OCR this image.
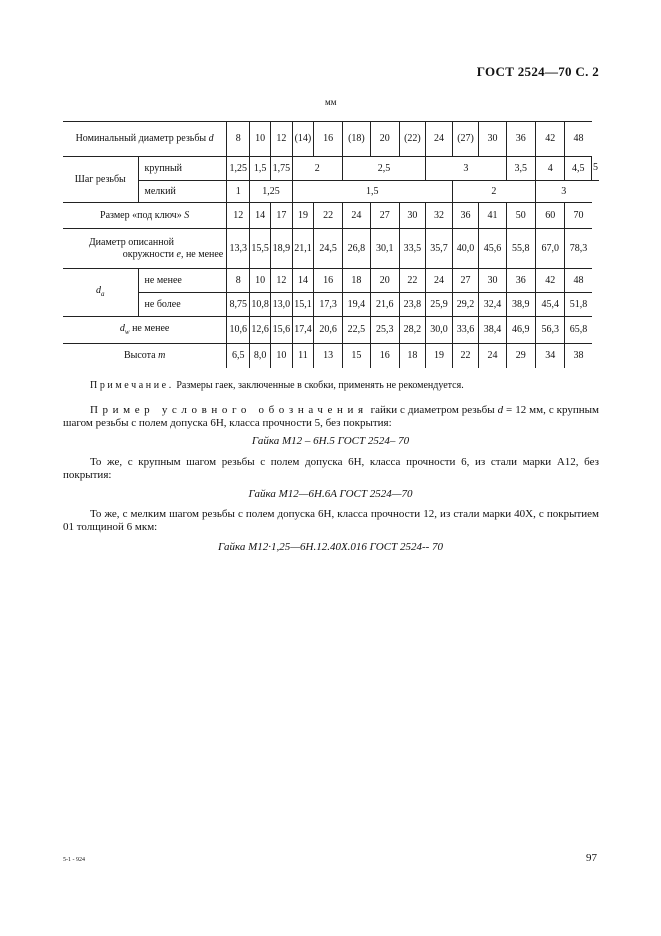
ГОСТ 2524—70 С. 2
мм
Номинальный диаметр резьбы d		8	10	12	(14)	16	(18)	20	(22)	24	(27)	30	36	42	48	
Шаг резьбы	крупный	1,25	1,5	1,75	2		2,5			3			3,5	4	4,5	5
	мелкий	1	1,25		1,5						2			3		
Размер «под ключ» S		12	14	17	19	22	24	27	30	32	36	41	50	60	70	
Диаметр описанной окружности e, не менее		13,3	15,5	18,9	21,1	24,5	26,8	30,1	33,5	35,7	40,0	45,6	55,8	67,0	78,3	
$d_а$	не менее	8	10	12	14	16	18	20	22	24	27	30	36	42	48	
	не более	8,75	10,8	13,0	15,1	17,3	19,4	21,6	23,8	25,9	29,2	32,4	38,9	45,4	51,8	
$d_w$ не менее		10,6	12,6	15,6	17,4	20,6	22,5	25,3	28,2	30,0	33,6	38,4	46,9	56,3	65,8	
Высота m		6,5	8,0	10	11	13	15	16	18	19	22	24	29	34	38	
Примечание. Размеры гаек, заключенные в скобки, применять не рекомендуется.
Пример условного обозначения гайки с диаметром резьбы d = 12 мм, с крупным шагом резьбы с полем допуска 6H, класса прочности 5, без покрытия:
Гайка М12 – 6H.5 ГОСТ 2524– 70
То же, с крупным шагом резьбы с полем допуска 6H, класса прочности 6, из стали марки А12, без покрытия:
Гайка М12—6H.6A ГОСТ 2524—70
То же, с мелким шагом резьбы с полем допуска 6H, класса прочности 12, из стали марки 40X, с покрытием 01 толщиной 6 мкм:
Гайка М12·1,25—6H.12.40Х.016 ГОСТ 2524-- 70
5-1 - 924	97
